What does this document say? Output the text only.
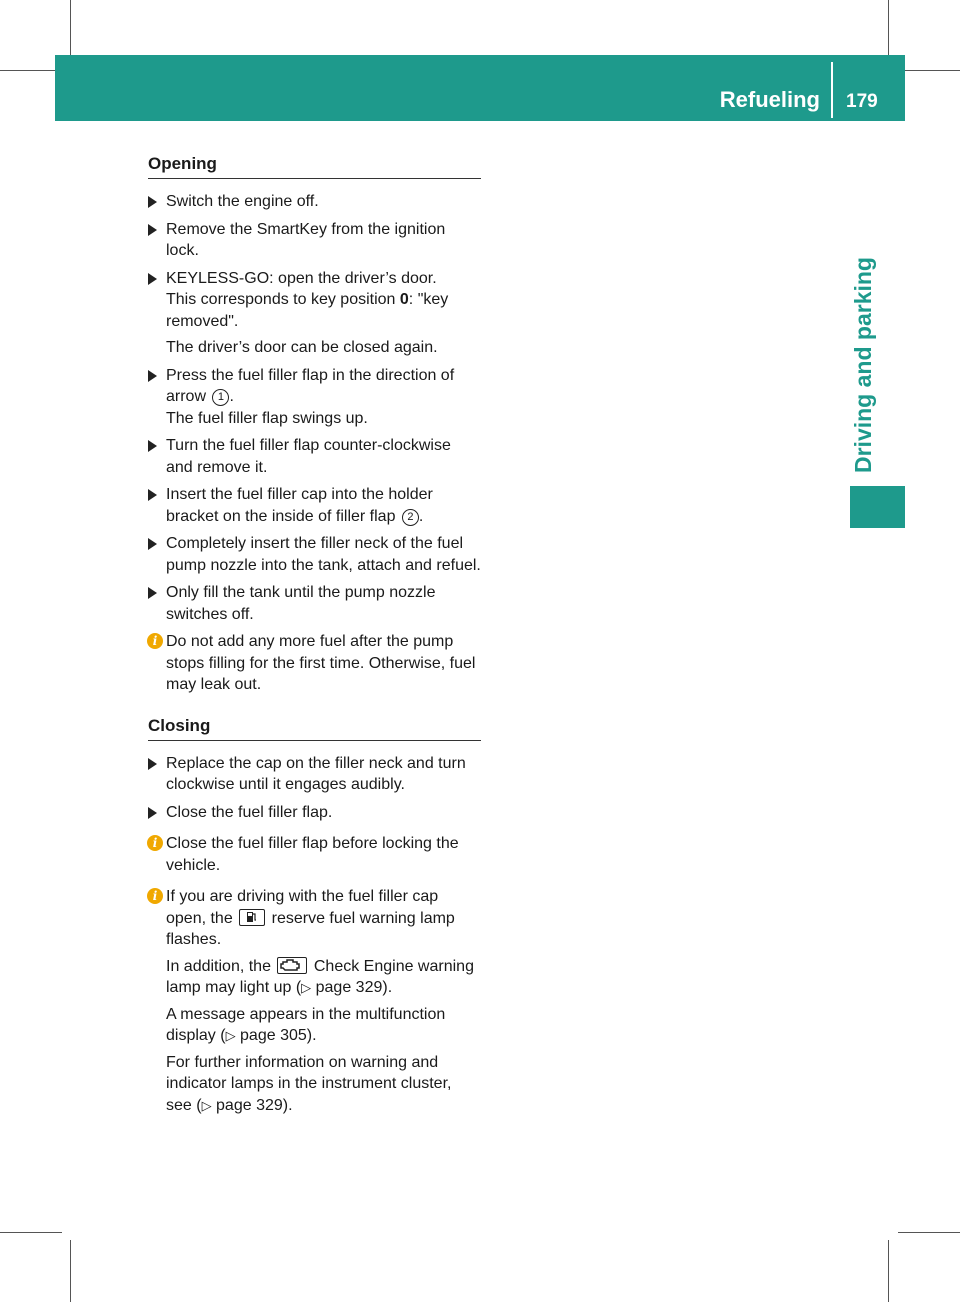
Refueling 179
Driving and parking
Opening

Switch the engine off.

Remove the SmartKey from the ignition lock.

KEYLESS-GO: open the driver’s door.

This corresponds to key position 0: "key removed".

The driver’s door can be closed again.

Press the fuel filler flap in the direction of arrow 1 .

The fuel filler flap swings up.

Turn the fuel filler flap counter-clockwise and remove it.

Insert the fuel filler cap into the holder bracket on the inside of filler flap 2 .

Completely insert the filler neck of the fuel pump nozzle into the tank, attach and refuel.

Only fill the tank until the pump nozzle switches off.

i Do not add any more fuel after the pump stops filling for the first time. Otherwise, fuel may leak out.

Closing

Replace the cap on the filler neck and turn clockwise until it engages audibly.

Close the fuel filler flap.

i Close the fuel filler flap before locking the vehicle.

i If you are driving with the fuel filler cap open, the
reserve fuel warning lamp flashes.

In addition, the
Check Engine warning lamp may light up (▷ page 329).

A message appears in the multifunction display (▷ page 305).

For further information on warning and indicator lamps in the instrument cluster, see (▷ page 329).
